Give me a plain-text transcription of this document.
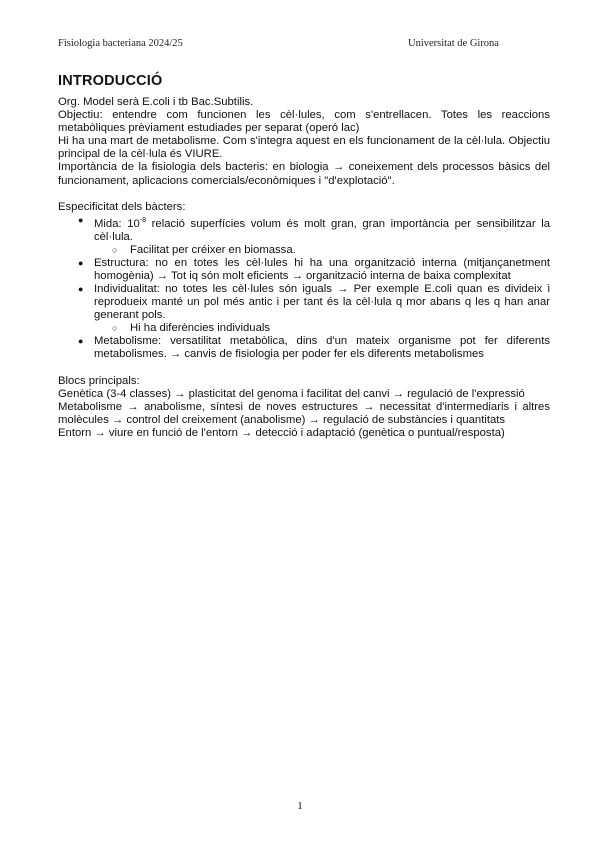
Fisiologia bacteriana 2024/25	Universitat de Girona
INTRODUCCIÓ

Org. Model serà E.coli i tb Bac.Subtilis.

Objectiu: entendre com funcionen les cèl·lules, com s'entrellacen. Totes les reaccions metabòliques prèviament estudiades per separat (operó lac)

Hi ha una mart de metabolisme. Com s'integra aquest en els funcionament de la cèl·lula. Objectiu principal de la cèl·lula és VIURE.

Importància de la fisiologia dels bacteris: en biologia → coneixement dels processos bàsics del funcionament, aplicacions comercials/econòmiques i "d'explotació".

Especificitat dels bàcters:

● Mida: $10^{-8}$ relació superfícies volum és molt gran, gran importància per sensibilitzar la cèl·lula.
○ Facilitat per créixer en biomassa.
● Estructura: no en totes les cèl·lules hi ha una organització interna (mitjançanetment homogènia) → Tot iq són molt eficients → organització interna de baixa complexitat
● Individualitat: no totes les cèl·lules són iguals → Per exemple E.coli quan es divideix i reprodueix manté un pol més antic i per tant és la cèl·lula q mor abans q les q han anar generant pols.
○ Hi ha diferències individuals
● Metabolisme: versatilitat metabòlica, dins d'un mateix organisme pot fer diferents metabolismes. → canvis de fisiologia per poder fer els diferents metabolismes

Blocs principals:

Genètica (3-4 classes) → plasticitat del genoma i facilitat del canvi → regulació de l'expressió

Metabolisme → anabolisme, síntesi de noves estructures → necessitat d'intermediaris i altres molècules → control del creixement (anabolisme) → regulació de substàncies i quantitats

Entorn → viure en funció de l'entorn → detecció i adaptació (genètica o puntual/resposta)

1
